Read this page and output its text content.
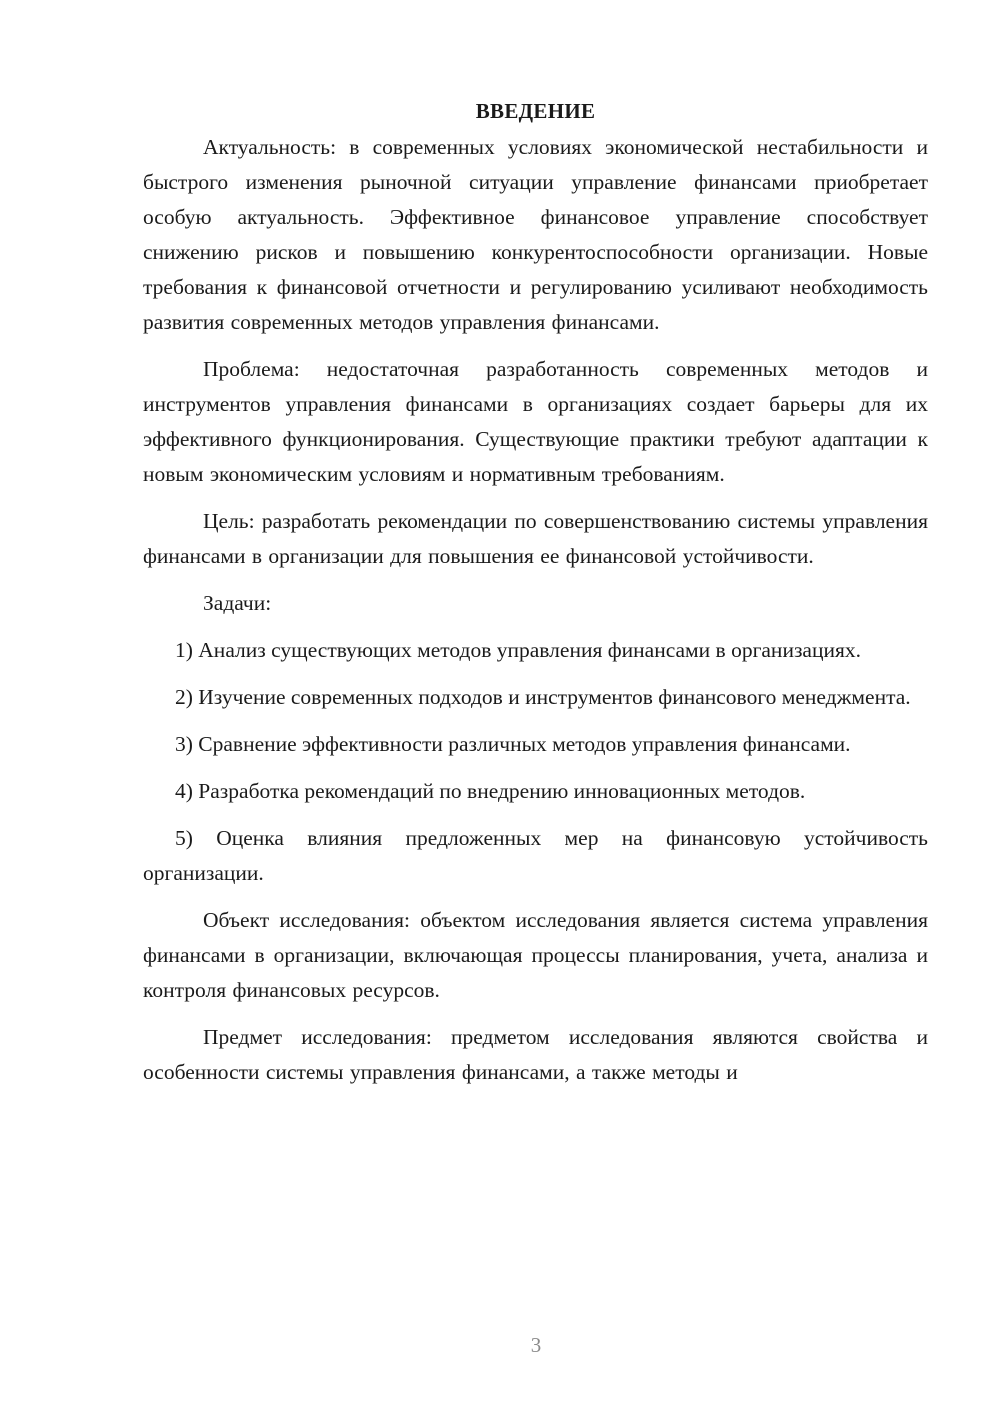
ВВЕДЕНИЕ

Актуальность: в современных условиях экономической нестабильности и быстрого изменения рыночной ситуации управление финансами приобретает особую актуальность. Эффективное финансовое управление способствует снижению рисков и повышению конкурентоспособности организации. Новые требования к финансовой отчетности и регулированию усиливают необходимость развития современных методов управления финансами.

Проблема: недостаточная разработанность современных методов и инструментов управления финансами в организациях создает барьеры для их эффективного функционирования. Существующие практики требуют адаптации к новым экономическим условиям и нормативным требованиям.

Цель: разработать рекомендации по совершенствованию системы управления финансами в организации для повышения ее финансовой устойчивости.

Задачи:

1) Анализ существующих методов управления финансами в организациях.

2) Изучение современных подходов и инструментов финансового менеджмента.

3) Сравнение эффективности различных методов управления финансами.

4) Разработка рекомендаций по внедрению инновационных методов.

5) Оценка влияния предложенных мер на финансовую устойчивость организации.

Объект исследования: объектом исследования является система управления финансами в организации, включающая процессы планирования, учета, анализа и контроля финансовых ресурсов.

Предмет исследования: предметом исследования являются свойства и особенности системы управления финансами, а также методы и

3
